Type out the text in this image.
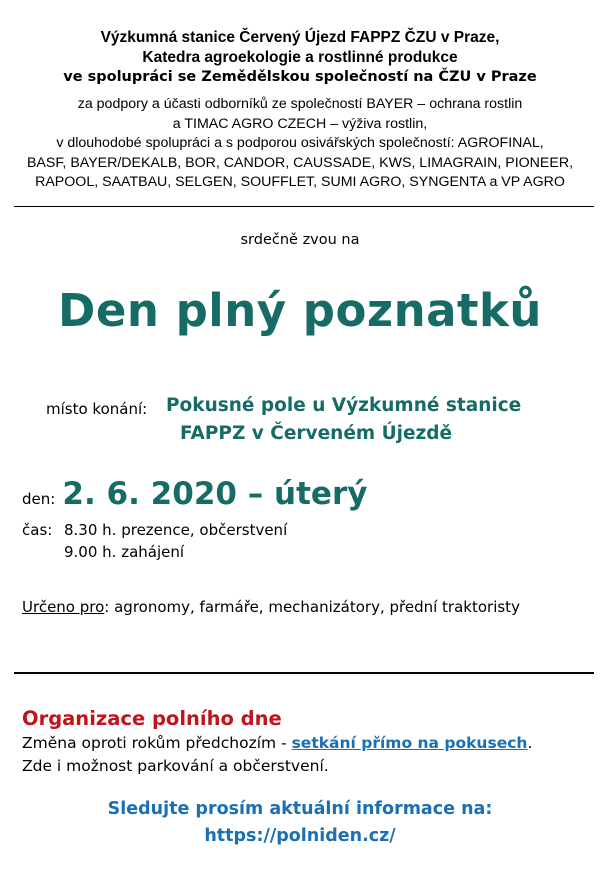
Výzkumná stanice Červený Újezd FAPPZ ČZU v Praze,
Katedra agroekologie a rostlinné produkce
ve spolupráci se Zemědělskou společností na ČZU v Praze
za podpory a účasti odborníků ze společností BAYER – ochrana rostlin
a TIMAC AGRO CZECH – výživa rostlin,
v dlouhodobé spolupráci a s podporou osivářských společností: AGROFINAL,
BASF, BAYER/DEKALB, BOR, CANDOR, CAUSSADE, KWS, LIMAGRAIN, PIONEER,
RAPOOL, SAATBAU, SELGEN, SOUFFLET, SUMI AGRO, SYNGENTA a VP AGRO
srdečně zvou na
Den plný poznatků
místo konání: Pokusné pole u Výzkumné stanice
FAPPZ v Červeném Újezdě
den: 2. 6. 2020 – úterý
čas: 8.30 h. prezence, občerstvení
9.00 h. zahájení
Určeno pro: agronomy, farmáře, mechanizátory, přední traktoristy
Organizace polního dne
Změna oproti rokům předchozím - setkání přímo na pokusech.
Zde i možnost parkování a občerstvení.
Sledujte prosím aktuální informace na:
https://polniden.cz/
